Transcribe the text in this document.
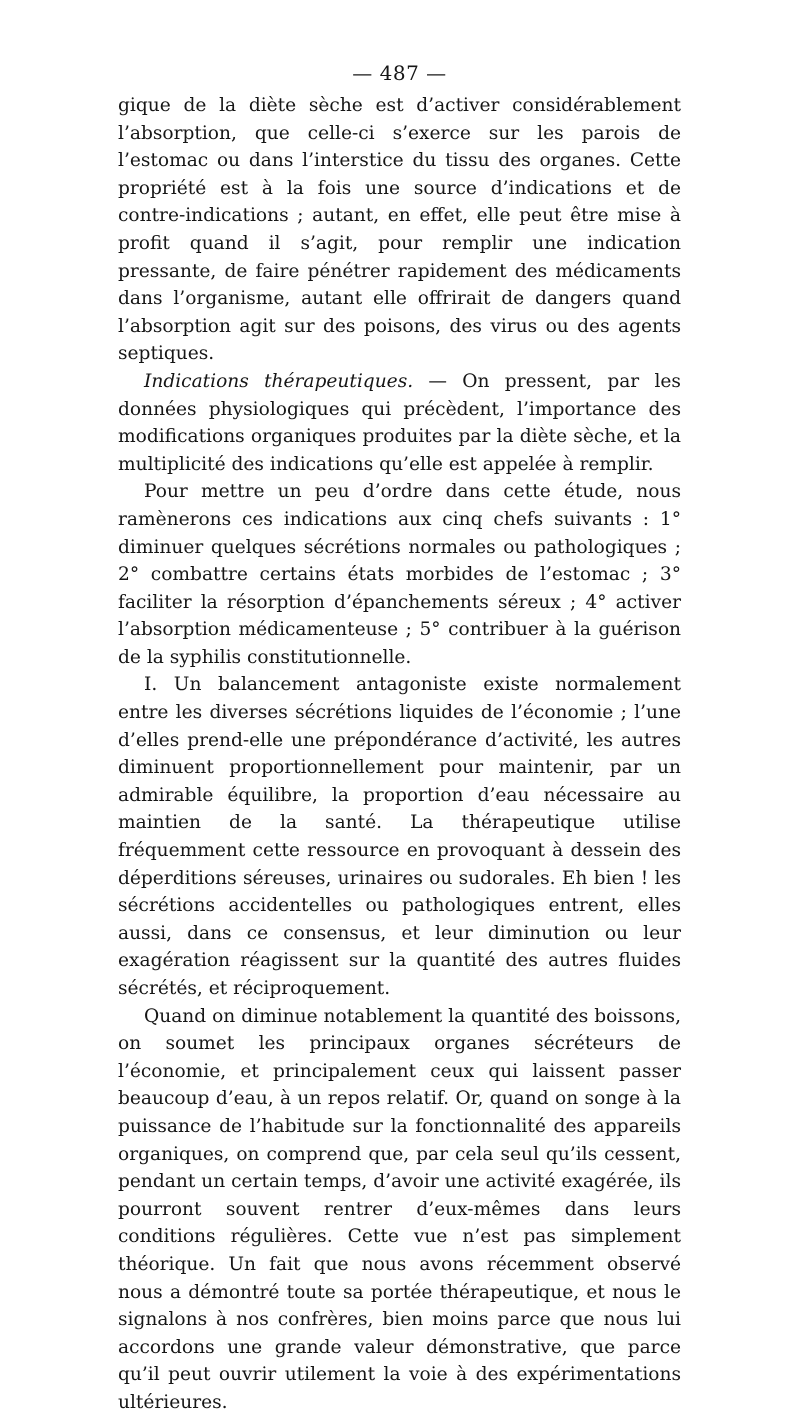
— 487 —

gique de la diète sèche est d’activer considérablement l’absorption, que celle-ci s’exerce sur les parois de l’estomac ou dans l’interstice du tissu des organes. Cette propriété est à la fois une source d’indications et de contre-indications ; autant, en effet, elle peut être mise à profit quand il s’agit, pour remplir une indication pressante, de faire pénétrer rapidement des médicaments dans l’organisme, autant elle offrirait de dangers quand l’absorption agit sur des poisons, des virus ou des agents septiques.

Indications thérapeutiques. — On pressent, par les données physiologiques qui précèdent, l’importance des modifications organiques produites par la diète sèche, et la multiplicité des indications qu’elle est appelée à remplir.

Pour mettre un peu d’ordre dans cette étude, nous ramènerons ces indications aux cinq chefs suivants : 1° diminuer quelques sécrétions normales ou pathologiques ; 2° combattre certains états morbides de l’estomac ; 3° faciliter la résorption d’épanchements séreux ; 4° activer l’absorption médicamenteuse ; 5° contribuer à la guérison de la syphilis constitutionnelle.

I. Un balancement antagoniste existe normalement entre les diverses sécrétions liquides de l’économie ; l’une d’elles prend-elle une prépondérance d’activité, les autres diminuent proportionnellement pour maintenir, par un admirable équilibre, la proportion d’eau nécessaire au maintien de la santé. La thérapeutique utilise fréquemment cette ressource en provoquant à dessein des déperditions séreuses, urinaires ou sudorales. Eh bien ! les sécrétions accidentelles ou pathologiques entrent, elles aussi, dans ce consensus, et leur diminution ou leur exagération réagissent sur la quantité des autres fluides sécrétés, et réciproquement.

Quand on diminue notablement la quantité des boissons, on soumet les principaux organes sécréteurs de l’économie, et principalement ceux qui laissent passer beaucoup d’eau, à un repos relatif. Or, quand on songe à la puissance de l’habitude sur la fonctionnalité des appareils organiques, on comprend que, par cela seul qu’ils cessent, pendant un certain temps, d’avoir une activité exagérée, ils pourront souvent rentrer d’eux-mêmes dans leurs conditions régulières. Cette vue n’est pas simplement théorique. Un fait que nous avons récemment observé nous a démontré toute sa portée thérapeutique, et nous le signalons à nos confrères, bien moins parce que nous lui accordons une grande valeur démonstrative, que parce qu’il peut ouvrir utilement la voie à des expérimentations ultérieures.
